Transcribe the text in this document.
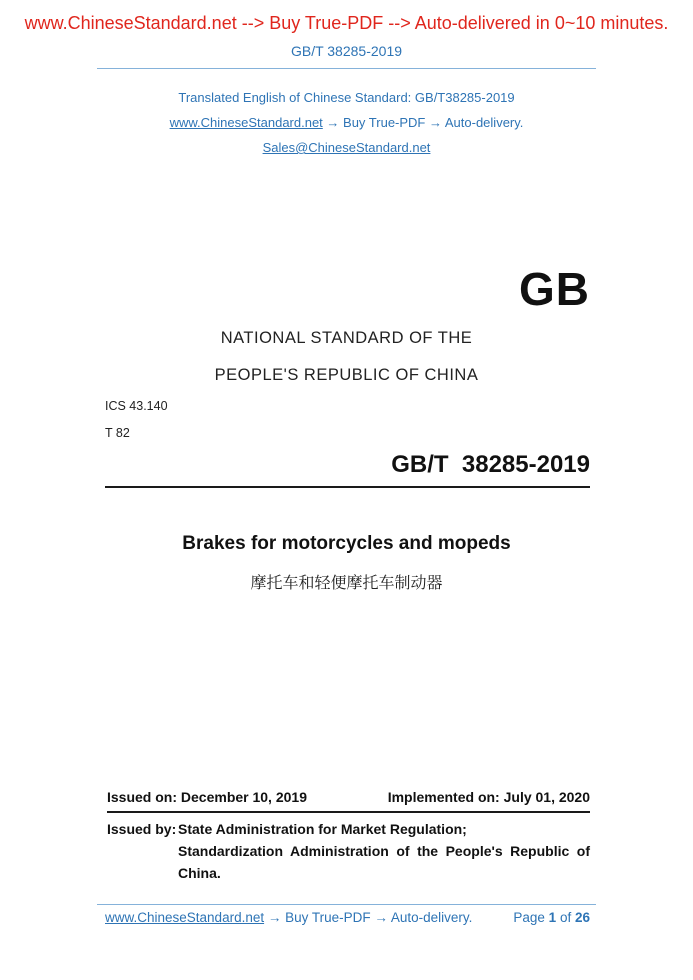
www.ChineseStandard.net --> Buy True-PDF --> Auto-delivered in 0~10 minutes.
GB/T 38285-2019
Translated English of Chinese Standard: GB/T38285-2019
www.ChineseStandard.net → Buy True-PDF → Auto-delivery.
Sales@ChineseStandard.net
GB
NATIONAL STANDARD OF THE
PEOPLE'S REPUBLIC OF CHINA
ICS 43.140
T 82
GB/T  38285-2019
Brakes for motorcycles and mopeds
摩托车和轻便摩托车制动器
Issued on: December 10, 2019	Implemented on: July 01, 2020
Issued by: State Administration for Market Regulation;
Standardization Administration of the People's Republic of
China.
www.ChineseStandard.net → Buy True-PDF → Auto-delivery.	Page 1 of 26
